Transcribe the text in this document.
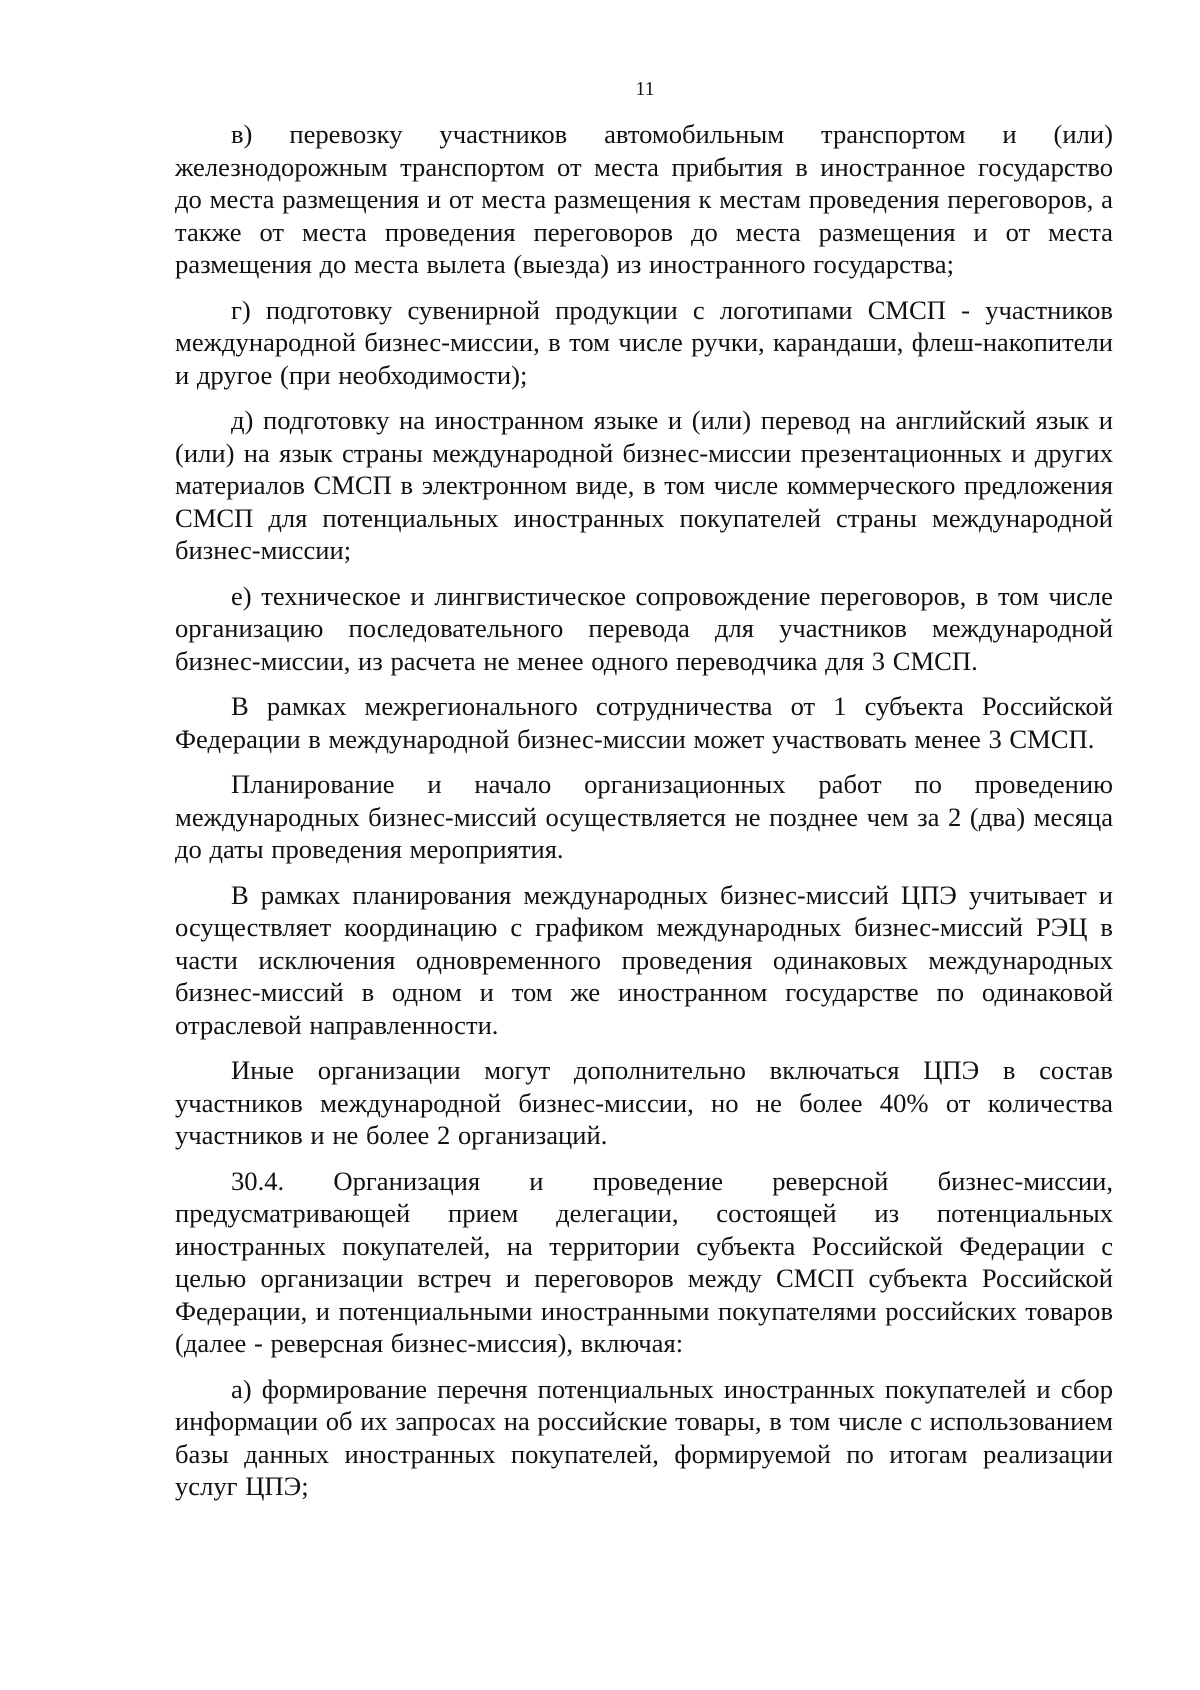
11

в) перевозку участников автомобильным транспортом и (или) железнодорожным транспортом от места прибытия в иностранное государство до места размещения и от места размещения к местам проведения переговоров, а также от места проведения переговоров до места размещения и от места размещения до места вылета (выезда) из иностранного государства;

г) подготовку сувенирной продукции с логотипами СМСП - участников международной бизнес-миссии, в том числе ручки, карандаши, флеш-накопители и другое (при необходимости);

д) подготовку на иностранном языке и (или) перевод на английский язык и (или) на язык страны международной бизнес-миссии презентационных и других материалов СМСП в электронном виде, в том числе коммерческого предложения СМСП для потенциальных иностранных покупателей страны международной бизнес-миссии;

е) техническое и лингвистическое сопровождение переговоров, в том числе организацию последовательного перевода для участников международной бизнес-миссии, из расчета не менее одного переводчика для 3 СМСП.

В рамках межрегионального сотрудничества от 1 субъекта Российской Федерации в международной бизнес-миссии может участвовать менее 3 СМСП.

Планирование и начало организационных работ по проведению международных бизнес-миссий осуществляется не позднее чем за 2 (два) месяца до даты проведения мероприятия.

В рамках планирования международных бизнес-миссий ЦПЭ учитывает и осуществляет координацию с графиком международных бизнес-миссий РЭЦ в части исключения одновременного проведения одинаковых международных бизнес-миссий в одном и том же иностранном государстве по одинаковой отраслевой направленности.

Иные организации могут дополнительно включаться ЦПЭ в состав участников международной бизнес-миссии, но не более 40% от количества участников и не более 2 организаций.

30.4. Организация и проведение реверсной бизнес-миссии, предусматривающей прием делегации, состоящей из потенциальных иностранных покупателей, на территории субъекта Российской Федерации с целью организации встреч и переговоров между СМСП субъекта Российской Федерации, и потенциальными иностранными покупателями российских товаров (далее - реверсная бизнес-миссия), включая:

а) формирование перечня потенциальных иностранных покупателей и сбор информации об их запросах на российские товары, в том числе с использованием базы данных иностранных покупателей, формируемой по итогам реализации услуг ЦПЭ;
